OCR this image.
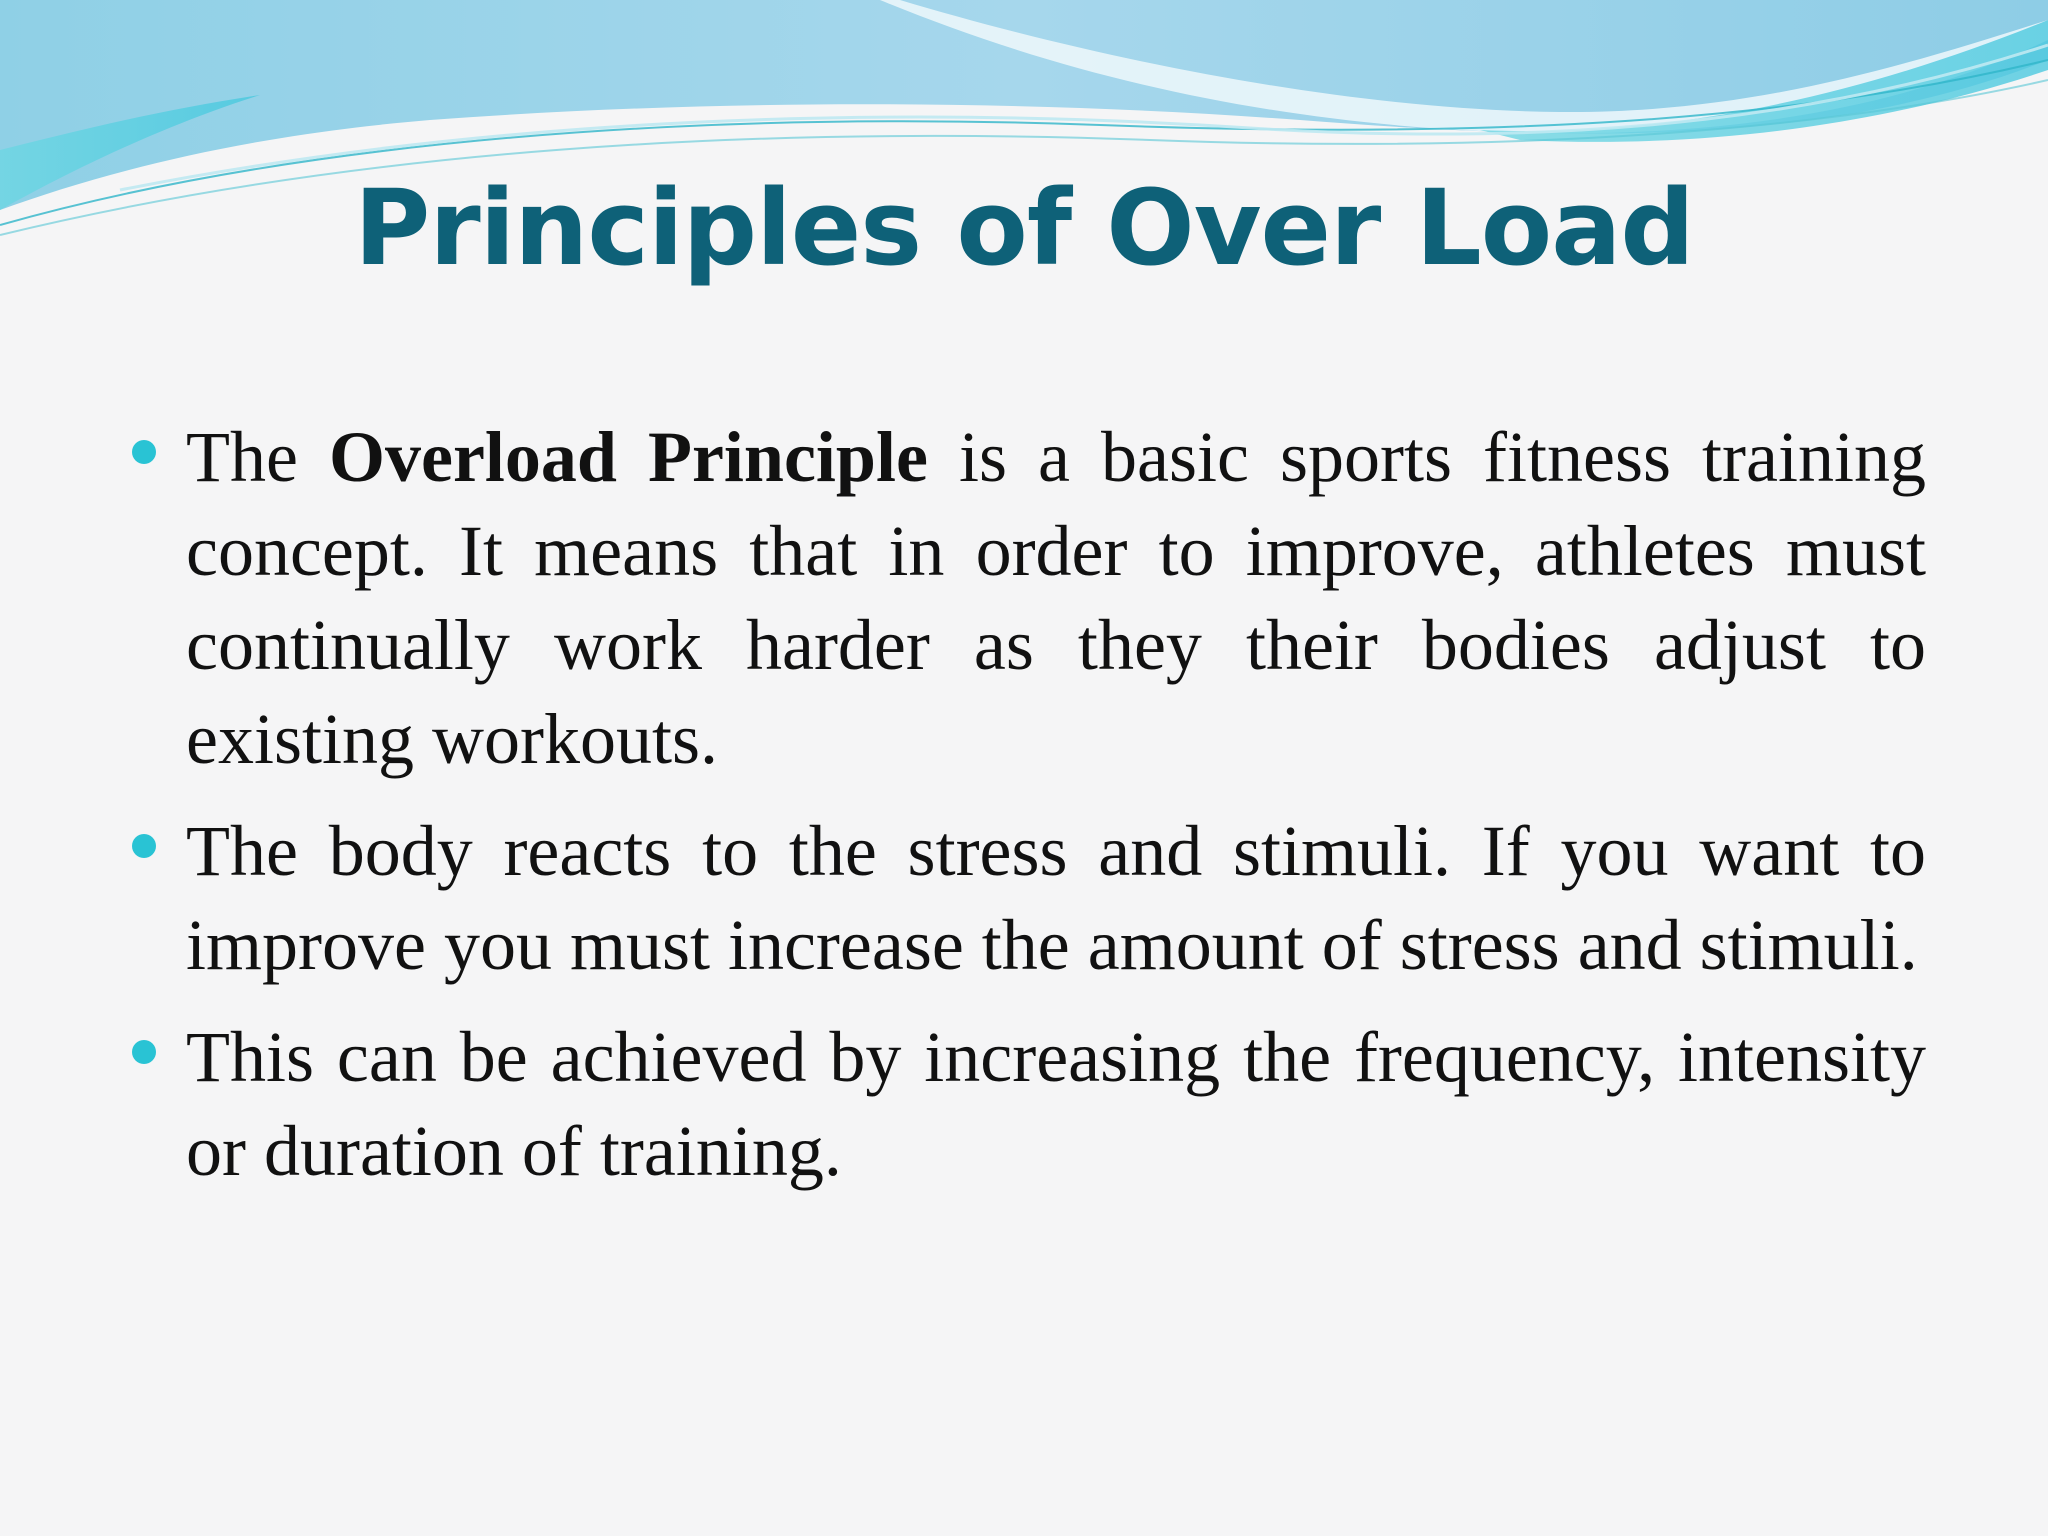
Principles of Over Load
The Overload Principle is a basic sports fitness training concept. It means that in order to improve, athletes must continually work harder as they their bodies adjust to existing workouts.
The body reacts to the stress and stimuli. If you want to improve you must increase the amount of stress and stimuli.
This can be achieved by increasing the frequency, intensity or duration of training.
